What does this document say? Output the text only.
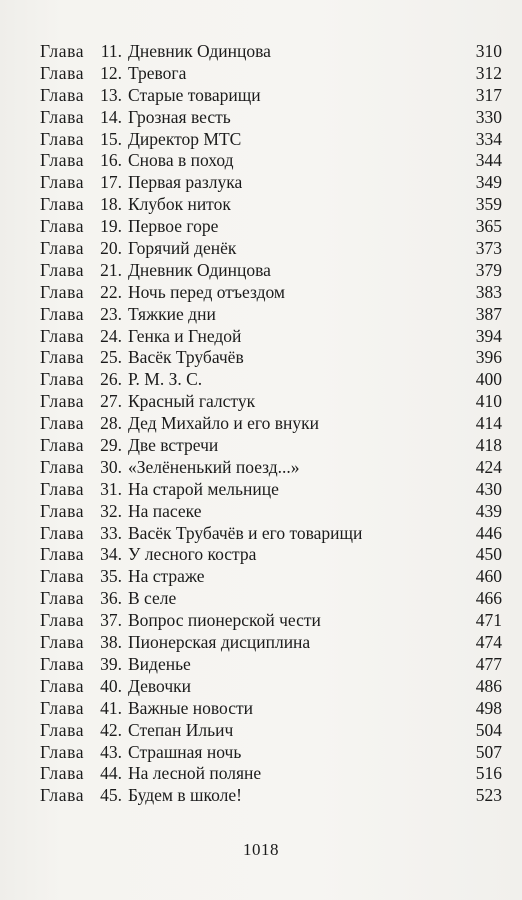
Глава 11. Дневник Одинцова	310
Глава 12. Тревога	312
Глава 13. Старые товарищи	317
Глава 14. Грозная весть	330
Глава 15. Директор МТС	334
Глава 16. Снова в поход	344
Глава 17. Первая разлука	349
Глава 18. Клубок ниток	359
Глава 19. Первое горе	365
Глава 20. Горячий денёк	373
Глава 21. Дневник Одинцова	379
Глава 22. Ночь перед отъездом	383
Глава 23. Тяжкие дни	387
Глава 24. Генка и Гнедой	394
Глава 25. Васёк Трубачёв	396
Глава 26. Р. М. З. С.	400
Глава 27. Красный галстук	410
Глава 28. Дед Михайло и его внуки	414
Глава 29. Две встречи	418
Глава 30. «Зелёненький поезд...»	424
Глава 31. На старой мельнице	430
Глава 32. На пасеке	439
Глава 33. Васёк Трубачёв и его товарищи	446
Глава 34. У лесного костра	450
Глава 35. На страже	460
Глава 36. В селе	466
Глава 37. Вопрос пионерской чести	471
Глава 38. Пионерская дисциплина	474
Глава 39. Виденье	477
Глава 40. Девочки	486
Глава 41. Важные новости	498
Глава 42. Степан Ильич	504
Глава 43. Страшная ночь	507
Глава 44. На лесной поляне	516
Глава 45. Будем в школе!	523
1018
